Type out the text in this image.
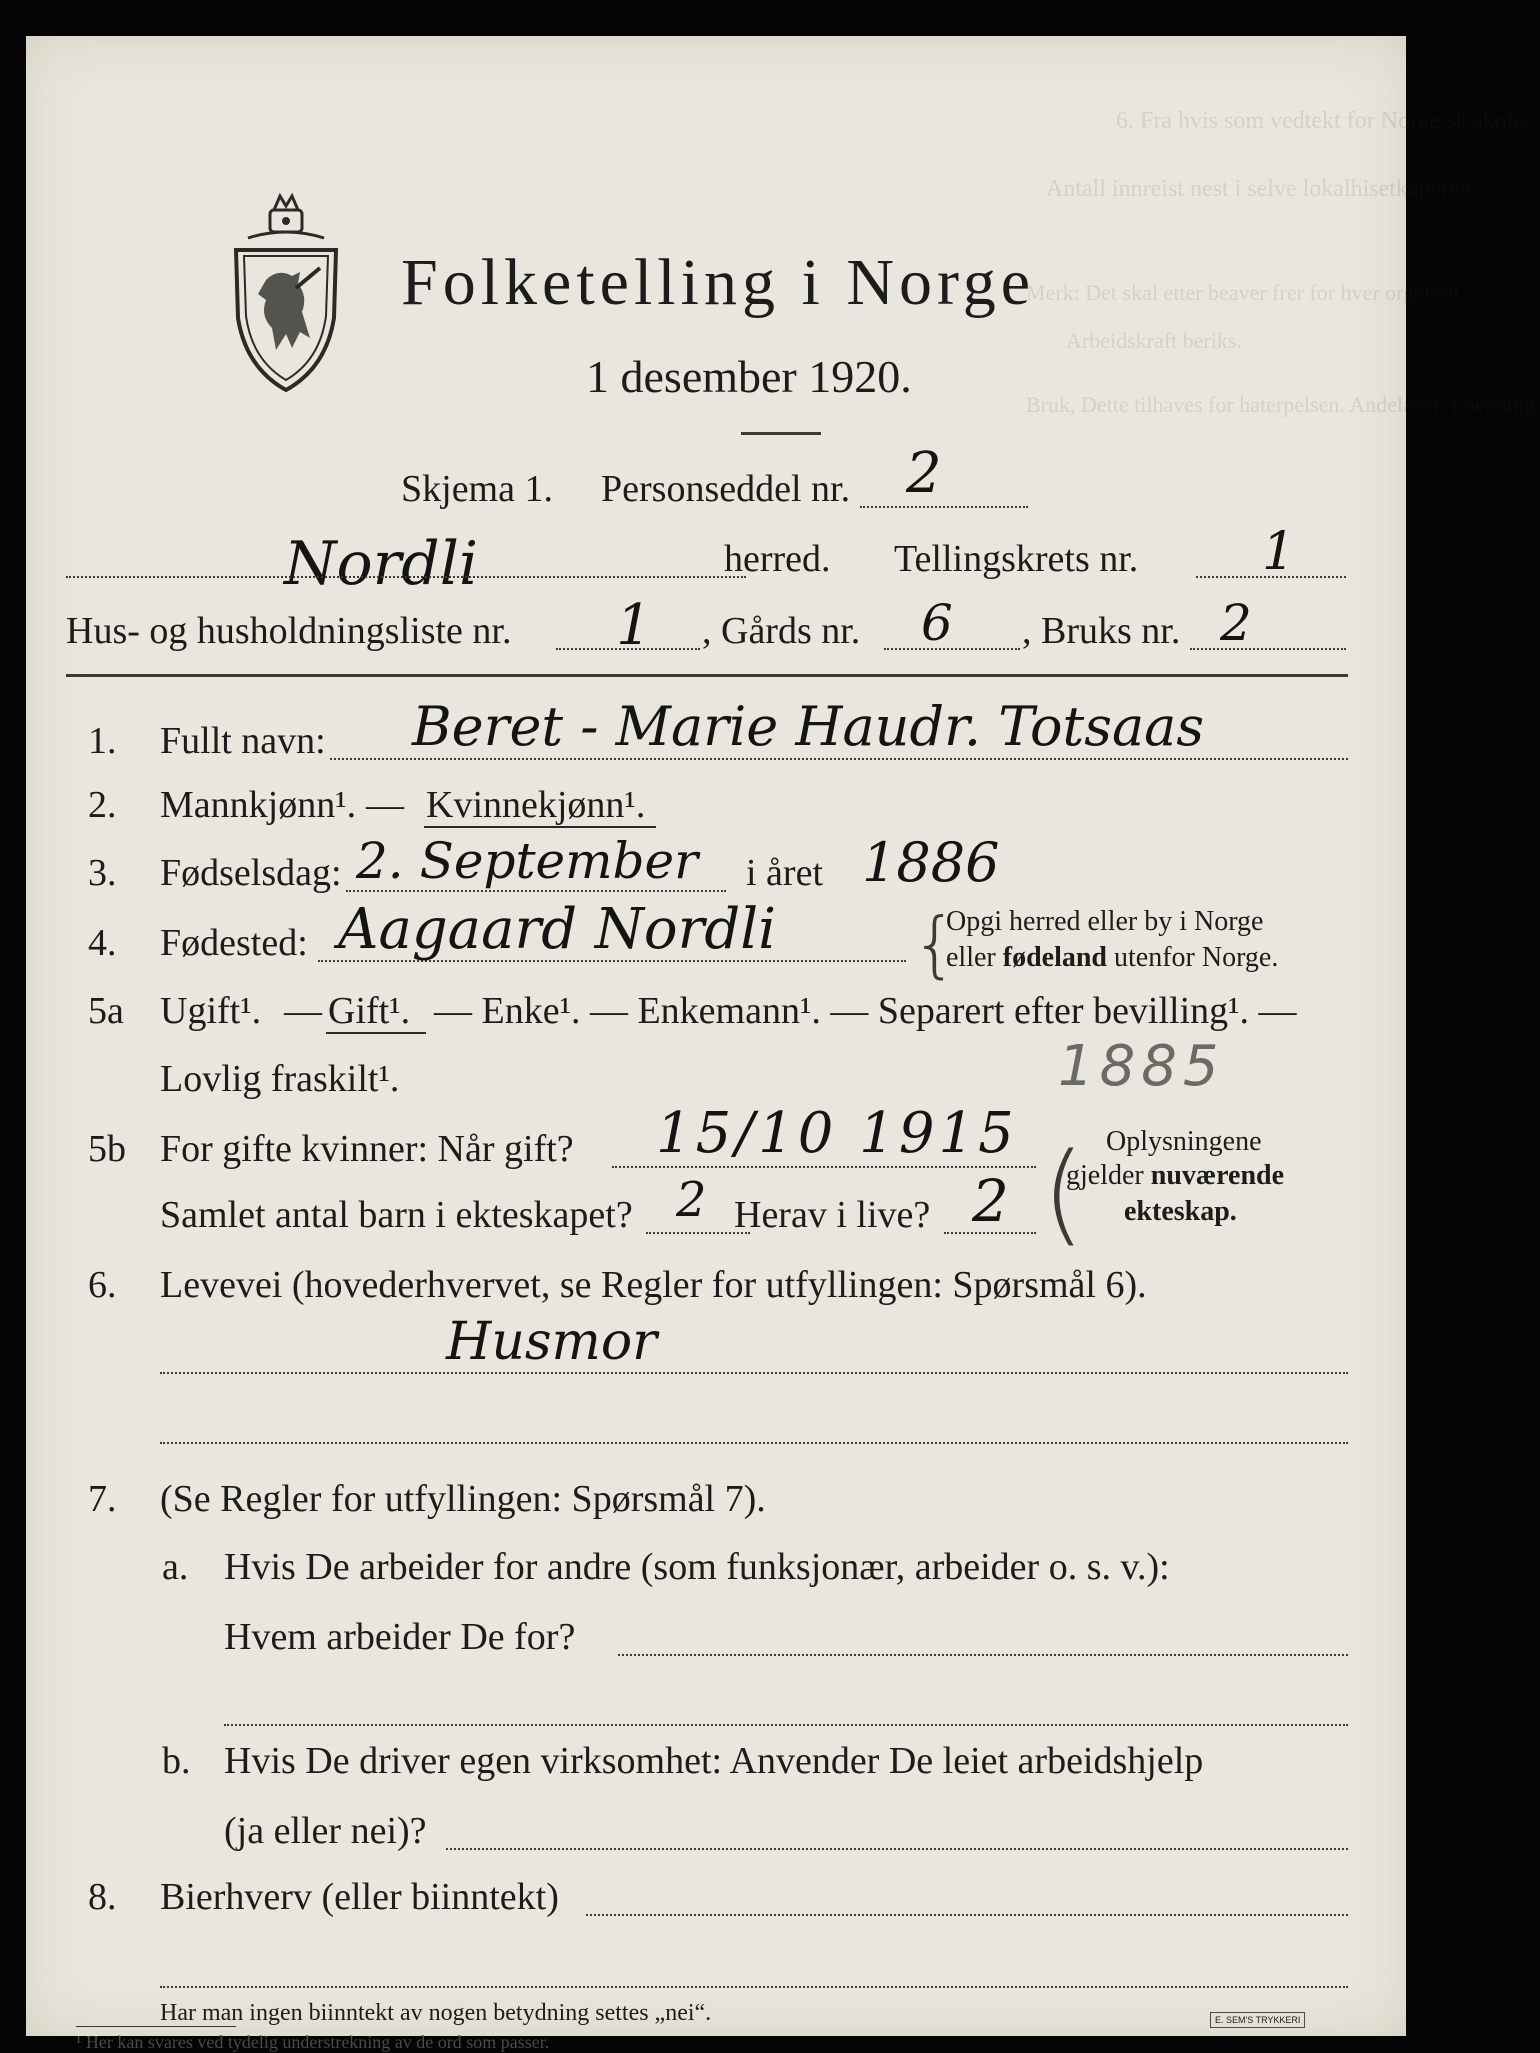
6. Fra hvis som vedtekt for Norge sk skole.
Antall innreist nest i selve lokalhisetkaperen.
Merk: Det skal etter beaver frer for hver orgelsen.
Arbeidskraft beriks.
Bruk, Dette tilhaves for haterpelsen. Andelaver. Loenning.
Folketelling i Norge
1 desember 1920.
Skjema 1. Personseddel nr. 2
Nordli	herred. Tellingskrets nr. 1
Hus- og husholdningsliste nr. 1 , Gårds nr. 6 , Bruks nr. 2
1. Fullt navn: Beret - Marie Haudr. Totsaas
2. Mannkjønn¹. — Kvinnekjønn¹.
3. Fødselsdag: 2. September i året 1886
4. Fødested: Aagaard Nordli {
Opgi herred eller by i Norge
eller fødeland utenfor Norge.
5a Ugift¹. — Gift¹. — Enke¹. — Enkemann¹. — Separert efter bevilling¹. —
Lovlig fraskilt¹.	1885
5b For gifte kvinner: Når gift? 15/10 1915
Samlet antal barn i ekteskapet? 2 Herav i live? 2 ( Oplysningene
gjelder nuværende
ekteskap.
6. Levevei (hovederhvervet, se Regler for utfyllingen: Spørsmål 6).
Husmor
7. (Se Regler for utfyllingen: Spørsmål 7).
a. Hvis De arbeider for andre (som funksjonær, arbeider o. s. v.):
Hvem arbeider De for?
b. Hvis De driver egen virksomhet: Anvender De leiet arbeidshjelp
(ja eller nei)?
8. Bierhverv (eller biinntekt)
Har man ingen biinntekt av nogen betydning settes „nei“.
¹ Her kan svares ved tydelig understrekning av de ord som passer.
E. SEM'S TRYKKERI
